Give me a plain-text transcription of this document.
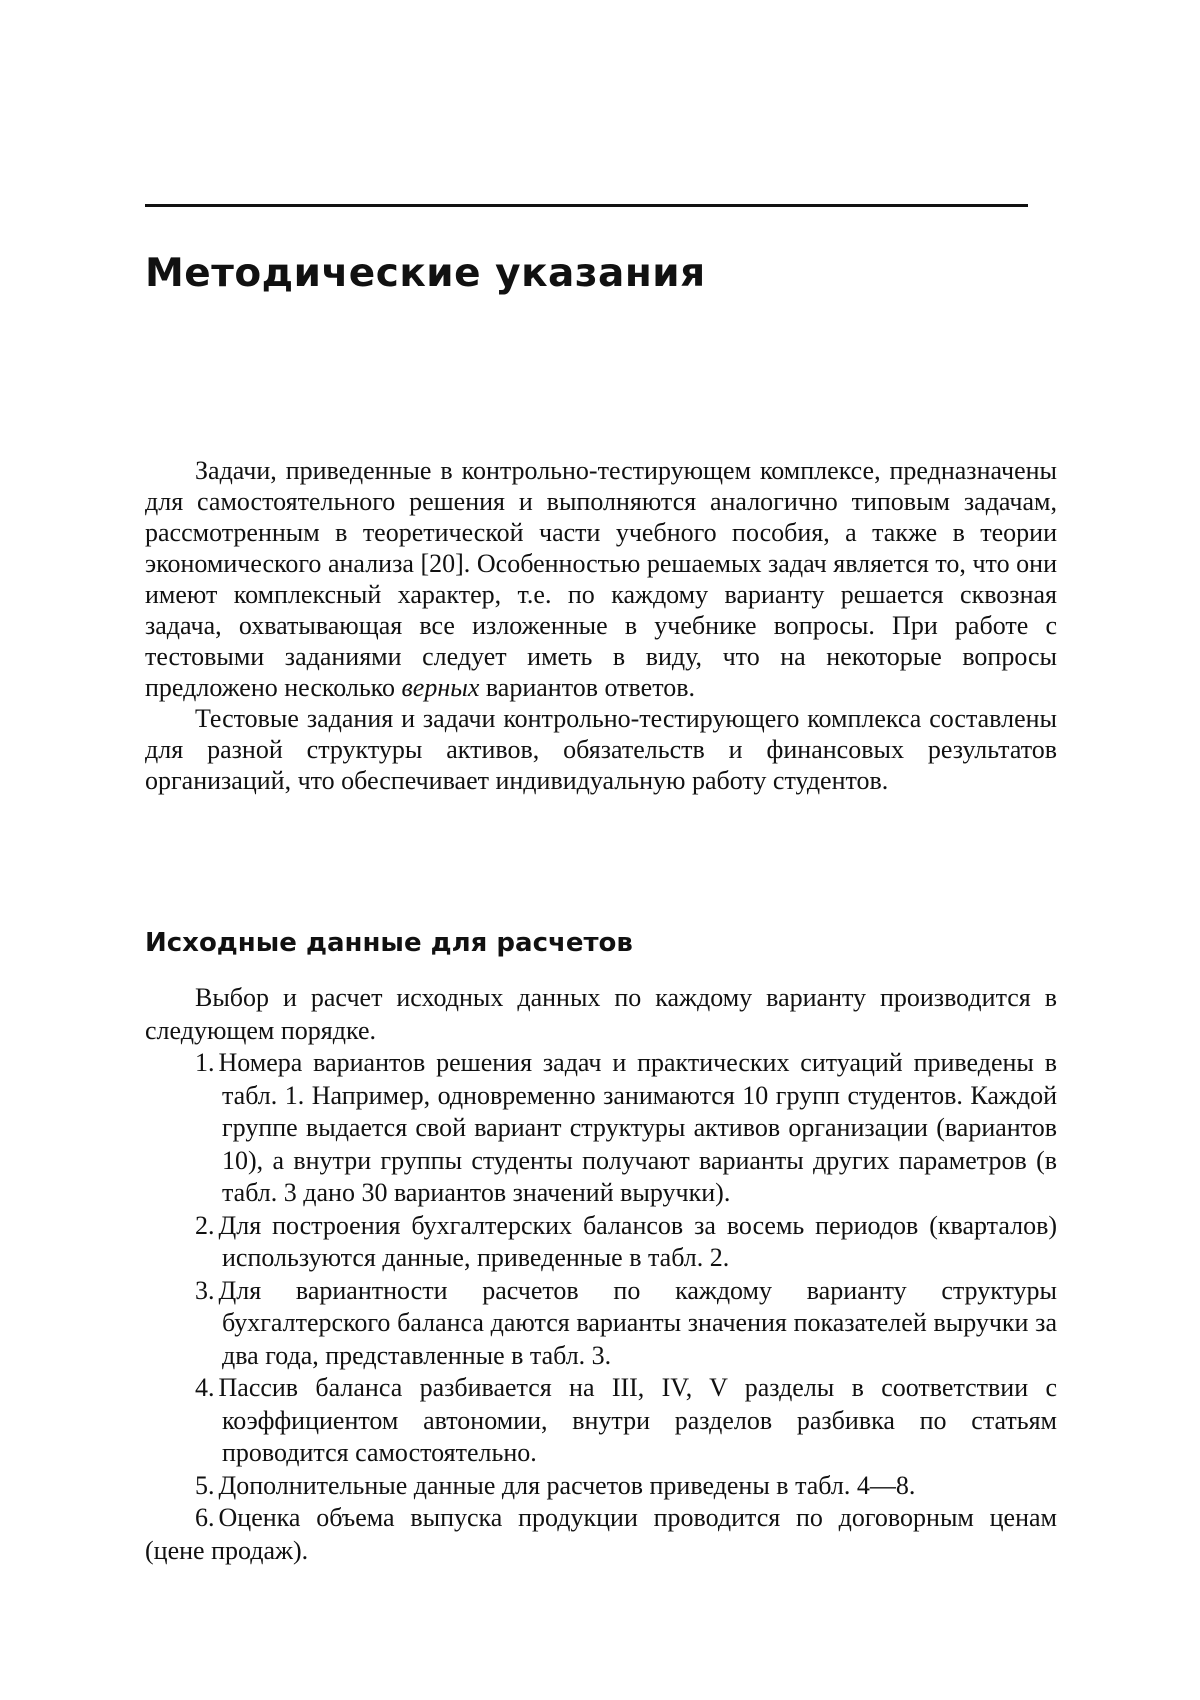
Методические указания

Задачи, приведенные в контрольно-тестирующем комплексе, предназначены для самостоятельного решения и выполняются аналогично типовым задачам, рассмотренным в теоретической части учебного пособия, а также в теории экономического анализа [20]. Особенностью решаемых задач является то, что они имеют комплексный характер, т.е. по каждому варианту решается сквозная задача, охватывающая все изложенные в учебнике вопросы. При работе с тестовыми заданиями следует иметь в виду, что на некоторые вопросы предложено несколько верных вариантов ответов.

Тестовые задания и задачи контрольно-тестирующего комплекса составлены для разной структуры активов, обязательств и финансовых результатов организаций, что обеспечивает индивидуальную работу студентов.

Исходные данные для расчетов

Выбор и расчет исходных данных по каждому варианту производится в следующем порядке.

1. Номера вариантов решения задач и практических ситуаций приведены в табл. 1. Например, одновременно занимаются 10 групп студентов. Каждой группе выдается свой вариант структуры активов организации (вариантов 10), а внутри группы студенты получают варианты других параметров (в табл. 3 дано 30 вариантов значений выручки).
2. Для построения бухгалтерских балансов за восемь периодов (кварталов) используются данные, приведенные в табл. 2.
3. Для вариантности расчетов по каждому варианту структуры бухгалтерского баланса даются варианты значения показателей выручки за два года, представленные в табл. 3.
4. Пассив баланса разбивается на III, IV, V разделы в соответствии с коэффициентом автономии, внутри разделов разбивка по статьям проводится самостоятельно.
5. Дополнительные данные для расчетов приведены в табл. 4—8.
6. Оценка объема выпуска продукции проводится по договорным ценам (цене продаж).
